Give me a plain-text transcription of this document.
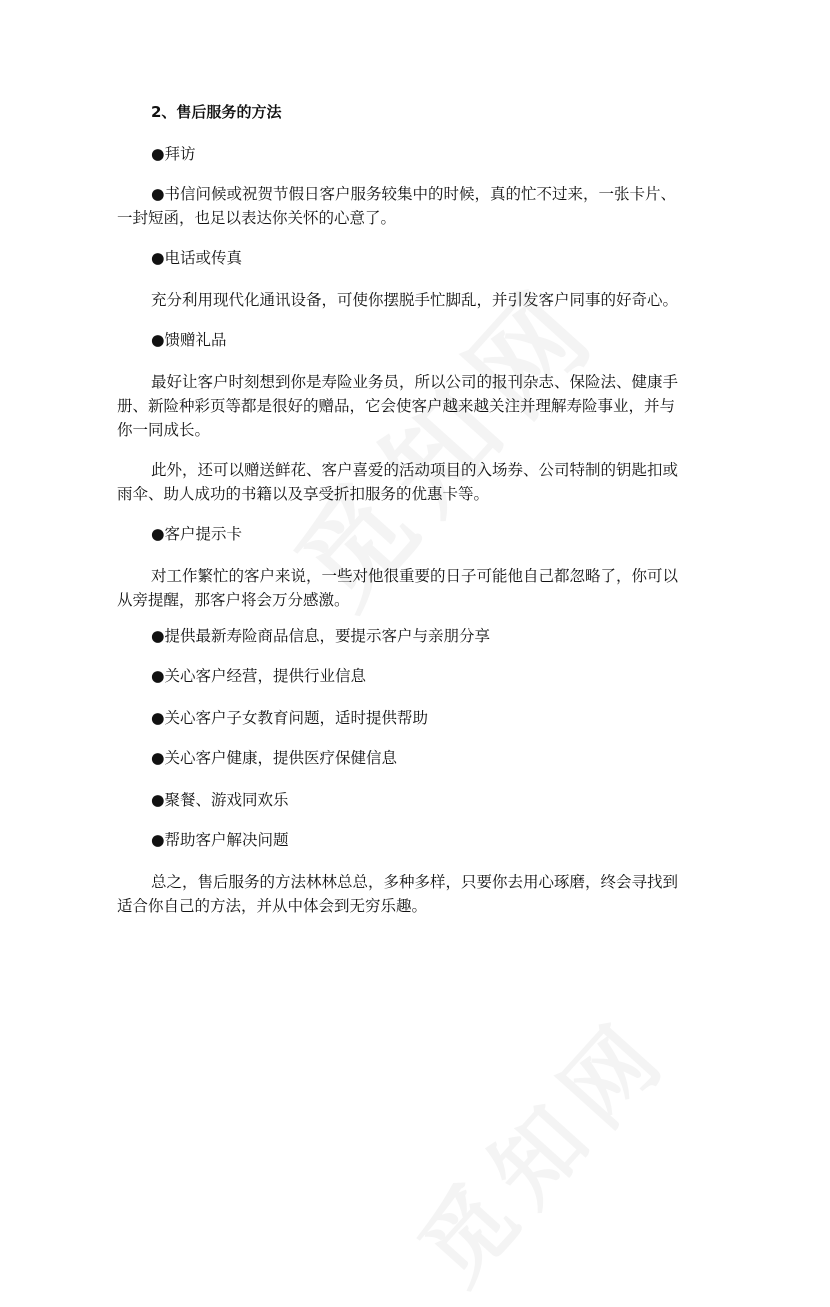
2、售后服务的方法
●拜访
●书信问候或祝贺节假日客户服务较集中的时候，真的忙不过来，一张卡片、
一封短函，也足以表达你关怀的心意了。
●电话或传真
充分利用现代化通讯设备，可使你摆脱手忙脚乱，并引发客户同事的好奇心。
●馈赠礼品
最好让客户时刻想到你是寿险业务员，所以公司的报刊杂志、保险法、健康手
册、新险种彩页等都是很好的赠品，它会使客户越来越关注并理解寿险事业，并与
你一同成长。
此外，还可以赠送鲜花、客户喜爱的活动项目的入场券、公司特制的钥匙扣或
雨伞、助人成功的书籍以及享受折扣服务的优惠卡等。
●客户提示卡
对工作繁忙的客户来说，一些对他很重要的日子可能他自己都忽略了，你可以
从旁提醒，那客户将会万分感激。
●提供最新寿险商品信息，要提示客户与亲朋分享
●关心客户经营，提供行业信息
●关心客户子女教育问题，适时提供帮助
●关心客户健康，提供医疗保健信息
●聚餐、游戏同欢乐
●帮助客户解决问题
总之，售后服务的方法林林总总，多种多样，只要你去用心琢磨，终会寻找到
适合你自己的方法，并从中体会到无穷乐趣。
